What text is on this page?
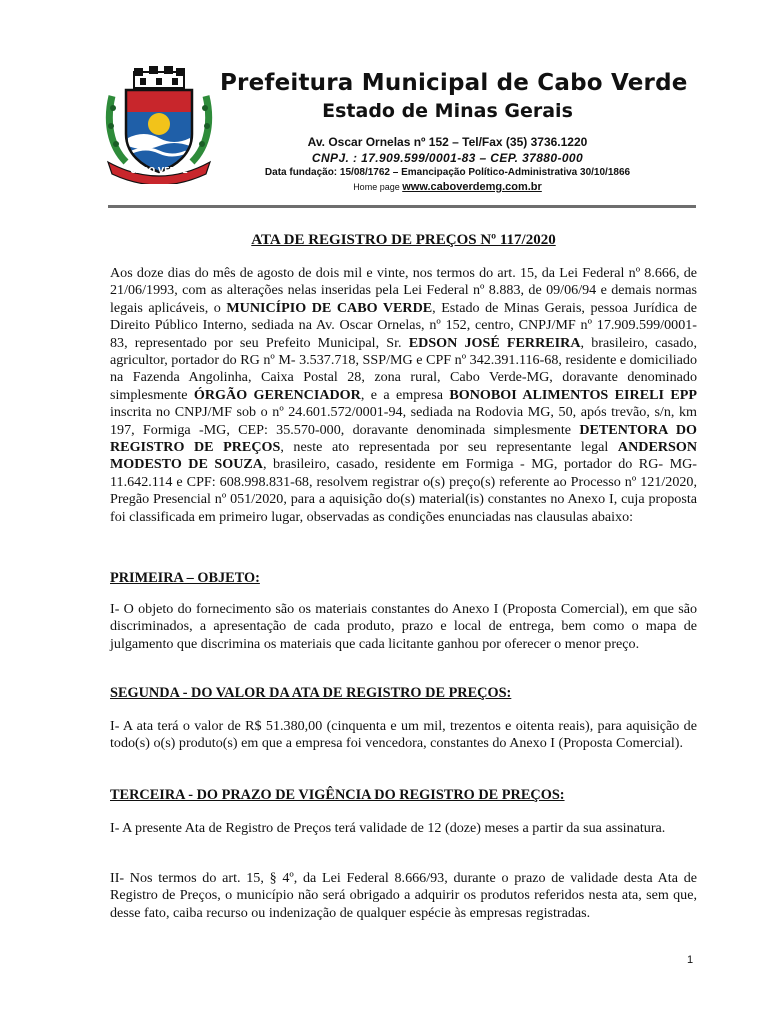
CABO VERDE
Prefeitura Municipal de Cabo Verde
Estado de Minas Gerais
Av. Oscar Ornelas nº 152 – Tel/Fax (35) 3736.1220
CNPJ. : 17.909.599/0001-83 – CEP. 37880-000
Data fundação: 15/08/1762 – Emancipação Político-Administrativa 30/10/1866
Home page www.caboverdemg.com.br
ATA DE REGISTRO DE PREÇOS Nº 117/2020

Aos doze dias do mês de agosto de dois mil e vinte, nos termos do art. 15, da Lei Federal nº 8.666, de 21/06/1993, com as alterações nelas inseridas pela Lei Federal nº 8.883, de 09/06/94 e demais normas legais aplicáveis, o MUNICÍPIO DE CABO VERDE, Estado de Minas Gerais, pessoa Jurídica de Direito Público Interno, sediada na Av. Oscar Ornelas, nº 152, centro, CNPJ/MF nº 17.909.599/0001-83, representado por seu Prefeito Municipal, Sr. EDSON JOSÉ FERREIRA, brasileiro, casado, agricultor, portador do RG nº M- 3.537.718, SSP/MG e CPF nº 342.391.116-68, residente e domiciliado na Fazenda Angolinha, Caixa Postal 28, zona rural, Cabo Verde-MG, doravante denominado simplesmente ÓRGÃO GERENCIADOR, e a empresa BONOBOI ALIMENTOS EIRELI EPP inscrita no CNPJ/MF sob o nº 24.601.572/0001-94, sediada na Rodovia MG, 50, após trevão, s/n, km 197, Formiga -MG, CEP: 35.570-000, doravante denominada simplesmente DETENTORA DO REGISTRO DE PREÇOS, neste ato representada por seu representante legal ANDERSON MODESTO DE SOUZA, brasileiro, casado, residente em Formiga - MG, portador do RG- MG-11.642.114 e CPF: 608.998.831-68, resolvem registrar o(s) preço(s) referente ao Processo nº 121/2020, Pregão Presencial nº 051/2020, para a aquisição do(s) material(is) constantes no Anexo I, cuja proposta foi classificada em primeiro lugar, observadas as condições enunciadas nas clausulas abaixo:

PRIMEIRA – OBJETO:

I- O objeto do fornecimento são os materiais constantes do Anexo I (Proposta Comercial), em que são discriminados, a apresentação de cada produto, prazo e local de entrega, bem como o mapa de julgamento que discrimina os materiais que cada licitante ganhou por oferecer o menor preço.

SEGUNDA - DO VALOR DA ATA DE REGISTRO DE PREÇOS:

I- A ata terá o valor de R$ 51.380,00 (cinquenta e um mil, trezentos e oitenta reais), para aquisição de todo(s) o(s) produto(s) em que a empresa foi vencedora, constantes do Anexo I (Proposta Comercial).

TERCEIRA - DO PRAZO DE VIGÊNCIA DO REGISTRO DE PREÇOS:

I- A presente Ata de Registro de Preços terá validade de 12 (doze) meses a partir da sua assinatura.

II- Nos termos do art. 15, § 4º, da Lei Federal 8.666/93, durante o prazo de validade desta Ata de Registro de Preços, o município não será obrigado a adquirir os produtos referidos nesta ata, sem que, desse fato, caiba recurso ou indenização de qualquer espécie às empresas registradas.

1
